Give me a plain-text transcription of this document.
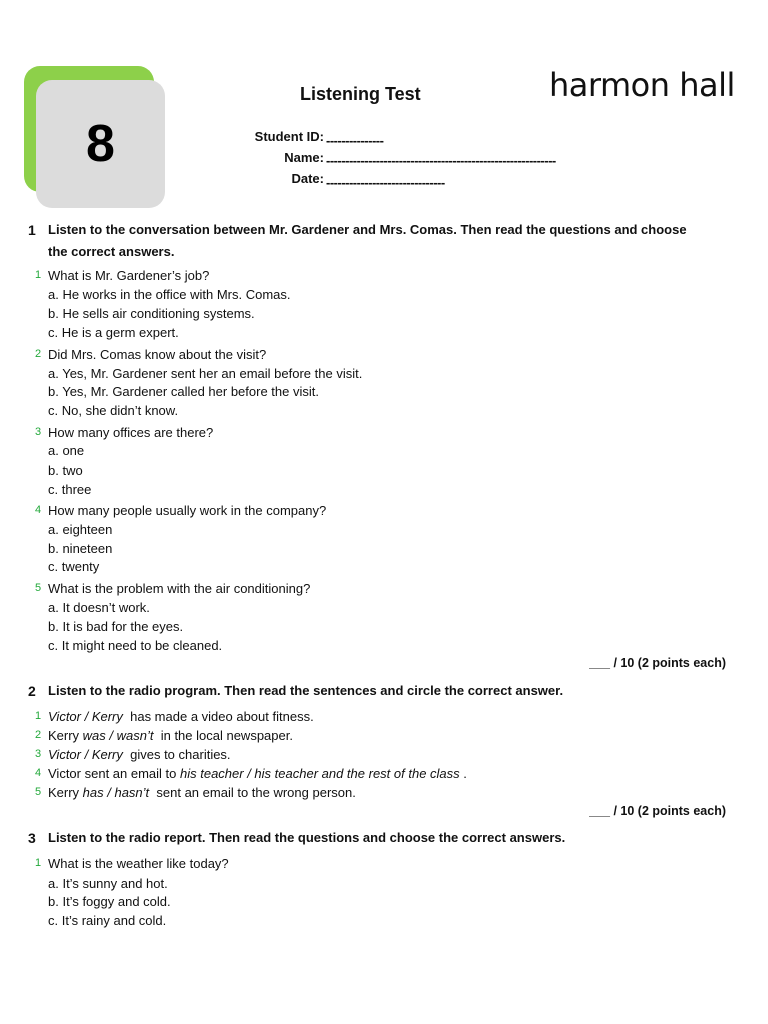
8
Listening Test	harmon hall
Student ID: ---------------
Name: ------------------------------------------------------------
Date: -------------------------------
1 Listen to the conversation between Mr. Gardener and Mrs. Comas. Then read the questions and choose the correct answers.
1 What is Mr. Gardener’s job?
a. He works in the office with Mrs. Comas.
b. He sells air conditioning systems.
c. He is a germ expert.
2 Did Mrs. Comas know about the visit?
a. Yes, Mr. Gardener sent her an email before the visit.
b. Yes, Mr. Gardener called her before the visit.
c. No, she didn’t know.
3 How many offices are there?
a. one
b. two
c. three
4 How many people usually work in the company?
a. eighteen
b. nineteen
c. twenty
5 What is the problem with the air conditioning?
a. It doesn’t work.
b. It is bad for the eyes.
c. It might need to be cleaned.
___ / 10 (2 points each)
2 Listen to the radio program. Then read the sentences and circle the correct answer.
1 Victor / Kerry  has made a video about fitness.
2 Kerry was / wasn’t  in the local newspaper.
3 Victor / Kerry  gives to charities.
4 Victor sent an email to his teacher / his teacher and the rest of the class .
5 Kerry has / hasn’t  sent an email to the wrong person.
___ / 10 (2 points each)
3 Listen to the radio report. Then read the questions and choose the correct answers.
1 What is the weather like today?
a. It’s sunny and hot.
b. It’s foggy and cold.
c. It’s rainy and cold.
